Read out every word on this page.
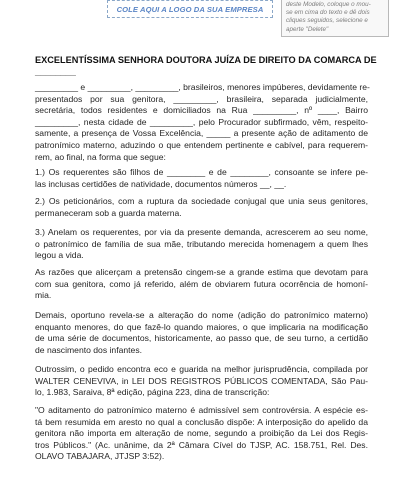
COLE AQUI A LOGO DA SUA EMPRESA	deste Modelo, coloque o mou-
se em cima do texto e dê dois
cliques seguidos, selecione e
aperte "Delete"
EXCELENTÍSSIMA SENHORA DOUTORA JUÍZA DE DIREITO DA COMARCA DE
________

_________ e _________, _________, brasileiros, menores impúberes, devidamente re-
presentados por sua genitora, _________, brasileira, separada judicialmente,
secretária, todos residentes e domiciliados na Rua _________, nº ____, Bairro
_________, nesta cidade de _________, pelo Procurador subfirmado, vêm, respeito-
samente, a presença de Vossa Excelência, _____ a presente ação de aditamento de
patronímico materno, aduzindo o que entendem pertinente e cabível, para requerem-
rem, ao final, na forma que segue:

1.) Os requerentes são filhos de ________ e de ________, consoante se infere pe-
las inclusas certidões de natividade, documentos números __, __.

2.) Os peticionários, com a ruptura da sociedade conjugal que unia seus genitores,
permaneceram sob a guarda materna.

3.) Anelam os requerentes, por via da presente demanda, acrescerem ao seu nome,
o patronímico de família de sua mãe, tributando merecida homenagem a quem lhes
legou a vida.

As razões que alicerçam a pretensão cingem-se a grande estima que devotam para
com sua genitora, como já referido, além de obviarem futura ocorrência de homoní-
mia.

Demais, oportuno revela-se a alteração do nome (adição do patronímico materno)
enquanto menores, do que fazê-lo quando maiores, o que implicaria na modificação
de uma série de documentos, historicamente, ao passo que, de seu turno, a certidão
de nascimento dos infantes.

Outrossim, o pedido encontra eco e guarida na melhor jurisprudência, compilada por
WALTER CENEVIVA, in LEI DOS REGISTROS PÚBLICOS COMENTADA, São Pau-
lo, 1.983, Saraiva, 8ª edição, página 223, dina de transcrição:

"O aditamento do patronímico materno é admissível sem controvérsia. A espécie es-
tá bem resumida em aresto no qual a conclusão dispõe: A interposição do apelido da
genitora não importa em alteração de nome, segundo a proibição da Lei dos Regis-
tros Públicos." (Ac. unânime, da 2ª Câmara Cível do TJSP, AC. 158.751, Rel. Des.
OLAVO TABAJARA, JTJSP 3:52).
